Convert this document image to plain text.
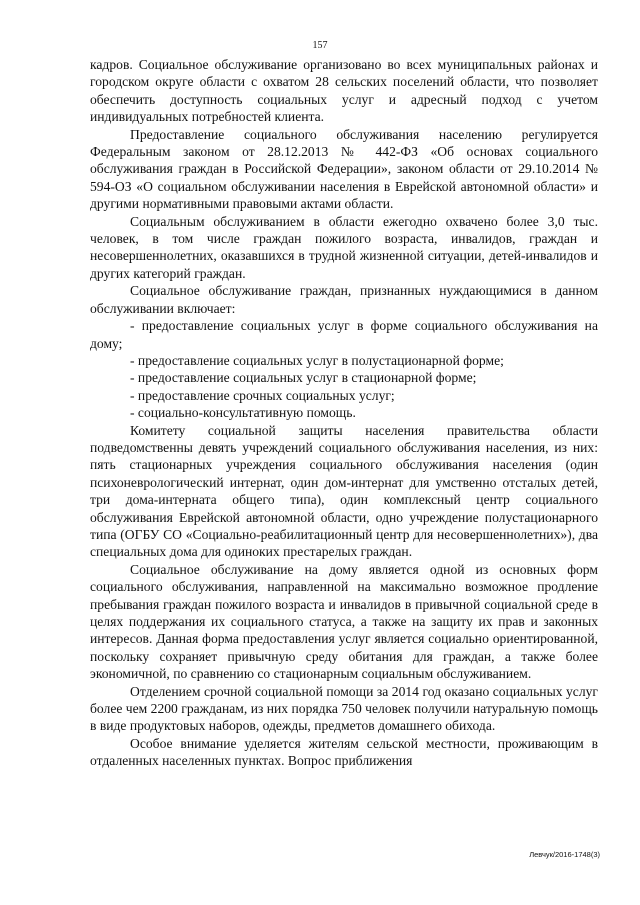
157

кадров. Социальное обслуживание организовано во всех муниципальных районах и городском округе области с охватом 28 сельских поселений области, что позволяет обеспечить доступность социальных услуг и адресный подход с учетом индивидуальных потребностей клиента.

Предоставление социального обслуживания населению регулируется Федеральным законом от 28.12.2013 № 442-ФЗ «Об основах социального обслуживания граждан в Российской Федерации», законом области от 29.10.2014 № 594-ОЗ «О социальном обслуживании населения в Еврейской автономной области» и другими нормативными правовыми актами области.

Социальным обслуживанием в области ежегодно охвачено более 3,0 тыс. человек, в том числе граждан пожилого возраста, инвалидов, граждан и несовершеннолетних, оказавшихся в трудной жизненной ситуации, детей-инвалидов и других категорий граждан.

Социальное обслуживание граждан, признанных нуждающимися в данном обслуживании включает:

- предоставление социальных услуг в форме социального обслуживания на дому;

- предоставление социальных услуг в полустационарной форме;

- предоставление социальных услуг в стационарной форме;

- предоставление срочных социальных услуг;

- социально-консультативную помощь.

Комитету социальной защиты населения правительства области подведомственны девять учреждений социального обслуживания населения, из них: пять стационарных учреждения социального обслуживания населения (один психоневрологический интернат, один дом-интернат для умственно отсталых детей, три дома-интерната общего типа), один комплексный центр социального обслуживания Еврейской автономной области, одно учреждение полустационарного типа (ОГБУ СО «Социально-реабилитационный центр для несовершеннолетних»), два специальных дома для одиноких престарелых граждан.

Социальное обслуживание на дому является одной из основных форм социального обслуживания, направленной на максимально возможное продление пребывания граждан пожилого возраста и инвалидов в привычной социальной среде в целях поддержания их социального статуса, а также на защиту их прав и законных интересов. Данная форма предоставления услуг является социально ориентированной, поскольку сохраняет привычную среду обитания для граждан, а также более экономичной, по сравнению со стационарным социальным обслуживанием.

Отделением срочной социальной помощи за 2014 год оказано социальных услуг более чем 2200 гражданам, из них порядка 750 человек получили натуральную помощь в виде продуктовых наборов, одежды, предметов домашнего обихода.

Особое внимание уделяется жителям сельской местности, проживающим в отдаленных населенных пунктах. Вопрос приближения

Левчук/2016-1748(3)
